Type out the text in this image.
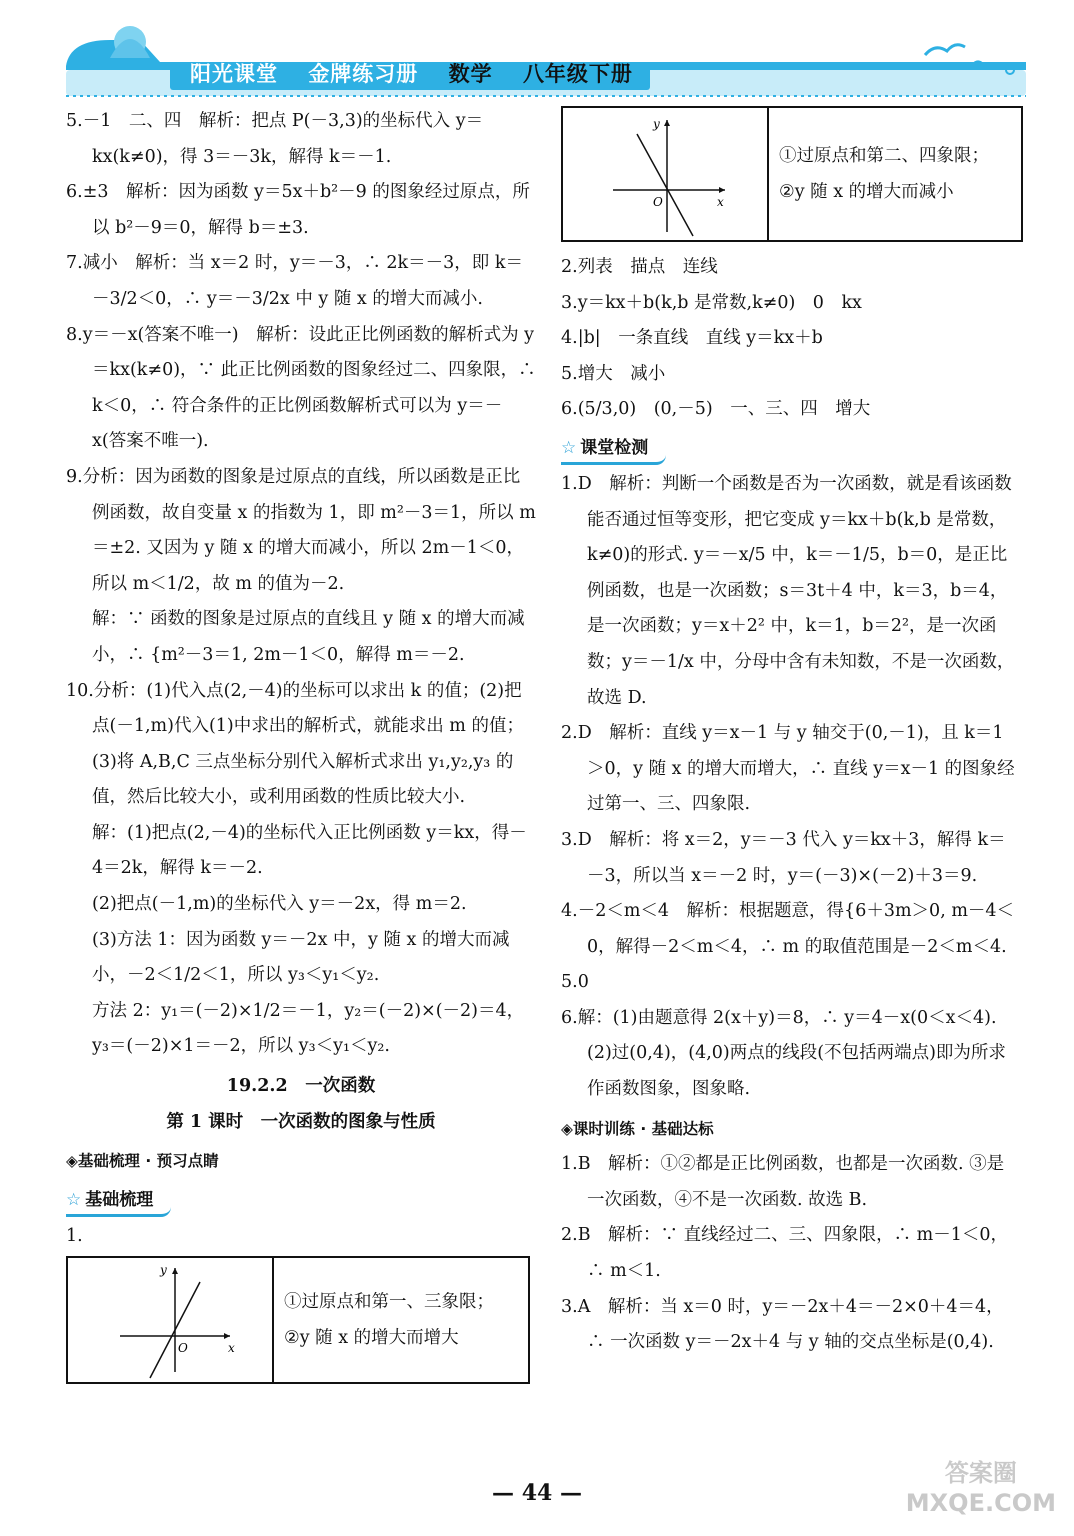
阳光课堂 金牌练习册 数学 八年级下册

5.－1　二、四　解析：把点 P(－3,3)的坐标代入 y＝kx(k≠0)，得 3＝－3k，解得 k＝－1.

6.±3　解析：因为函数 y＝5x＋b²－9 的图象经过原点，所以 b²－9＝0，解得 b＝±3.

7.减小　解析：当 x＝2 时，y＝－3，∴ 2k＝－3，即 k＝－3/2＜0，∴ y＝－3/2x 中 y 随 x 的增大而减小.

8.y＝－x(答案不唯一)　解析：设此正比例函数的解析式为 y＝kx(k≠0)，∵ 此正比例函数的图象经过二、四象限，∴ k＜0，∴ 符合条件的正比例函数解析式可以为 y＝－x(答案不唯一).

9.分析：因为函数的图象是过原点的直线，所以函数是正比例函数，故自变量 x 的指数为 1，即 m²－3＝1，所以 m＝±2. 又因为 y 随 x 的增大而减小，所以 2m－1＜0，所以 m＜1/2，故 m 的值为－2.

解：∵ 函数的图象是过原点的直线且 y 随 x 的增大而减小，∴ {m²－3＝1, 2m－1＜0，解得 m＝－2.

10.分析：(1)代入点(2,－4)的坐标可以求出 k 的值；(2)把点(－1,m)代入(1)中求出的解析式，就能求出 m 的值；(3)将 A,B,C 三点坐标分别代入解析式求出 y₁,y₂,y₃ 的值，然后比较大小，或利用函数的性质比较大小.

解：(1)把点(2,－4)的坐标代入正比例函数 y＝kx，得－4＝2k，解得 k＝－2.

(2)把点(－1,m)的坐标代入 y＝－2x，得 m＝2.

(3)方法 1：因为函数 y＝－2x 中，y 随 x 的增大而减小，－2＜1/2＜1，所以 y₃＜y₁＜y₂.

方法 2：y₁＝(－2)×1/2＝－1，y₂＝(－2)×(－2)＝4，y₃＝(－2)×1＝－2，所以 y₃＜y₁＜y₂.

19.2.2　一次函数

第 1 课时　一次函数的图象与性质

◈基础梳理 · 预习点睛

☆ 基础梳理

1.

y
O	x
①过原点和第一、三象限；
②y 随 x 的增大而增大
y
O	x
①过原点和第二、四象限；
②y 随 x 的增大而减小

2.列表　描点　连线

3.y＝kx＋b(k,b 是常数,k≠0)　0　kx

4.|b|　一条直线　直线 y＝kx＋b

5.增大　减小

6.(5/3,0)　(0,－5)　一、三、四　增大

☆ 课堂检测

1.D　解析：判断一个函数是否为一次函数，就是看该函数能否通过恒等变形，把它变成 y＝kx＋b(k,b 是常数，k≠0)的形式. y＝－x/5 中，k＝－1/5，b＝0，是正比例函数，也是一次函数；s＝3t＋4 中，k＝3，b＝4，是一次函数；y＝x＋2² 中，k＝1，b＝2²，是一次函数；y＝－1/x 中，分母中含有未知数，不是一次函数，故选 D.

2.D　解析：直线 y＝x－1 与 y 轴交于(0,－1)，且 k＝1＞0，y 随 x 的增大而增大，∴ 直线 y＝x－1 的图象经过第一、三、四象限.

3.D　解析：将 x＝2，y＝－3 代入 y＝kx＋3，解得 k＝－3，所以当 x＝－2 时，y＝(－3)×(－2)＋3＝9.

4.－2＜m＜4　解析：根据题意，得{6＋3m＞0, m－4＜0，解得－2＜m＜4，∴ m 的取值范围是－2＜m＜4.

5.0

6.解：(1)由题意得 2(x＋y)＝8，∴ y＝4－x(0＜x＜4).

(2)过(0,4)，(4,0)两点的线段(不包括两端点)即为所求作函数图象，图象略.

◈课时训练 · 基础达标

1.B　解析：①②都是正比例函数，也都是一次函数. ③是一次函数，④不是一次函数. 故选 B.

2.B　解析：∵ 直线经过二、三、四象限，∴ m－1＜0，∴ m＜1.

3.A　解析：当 x＝0 时，y＝－2x＋4＝－2×0＋4＝4，∴ 一次函数 y＝－2x＋4 与 y 轴的交点坐标是(0,4).

— 44 —
答案圈
MXQE.COM
